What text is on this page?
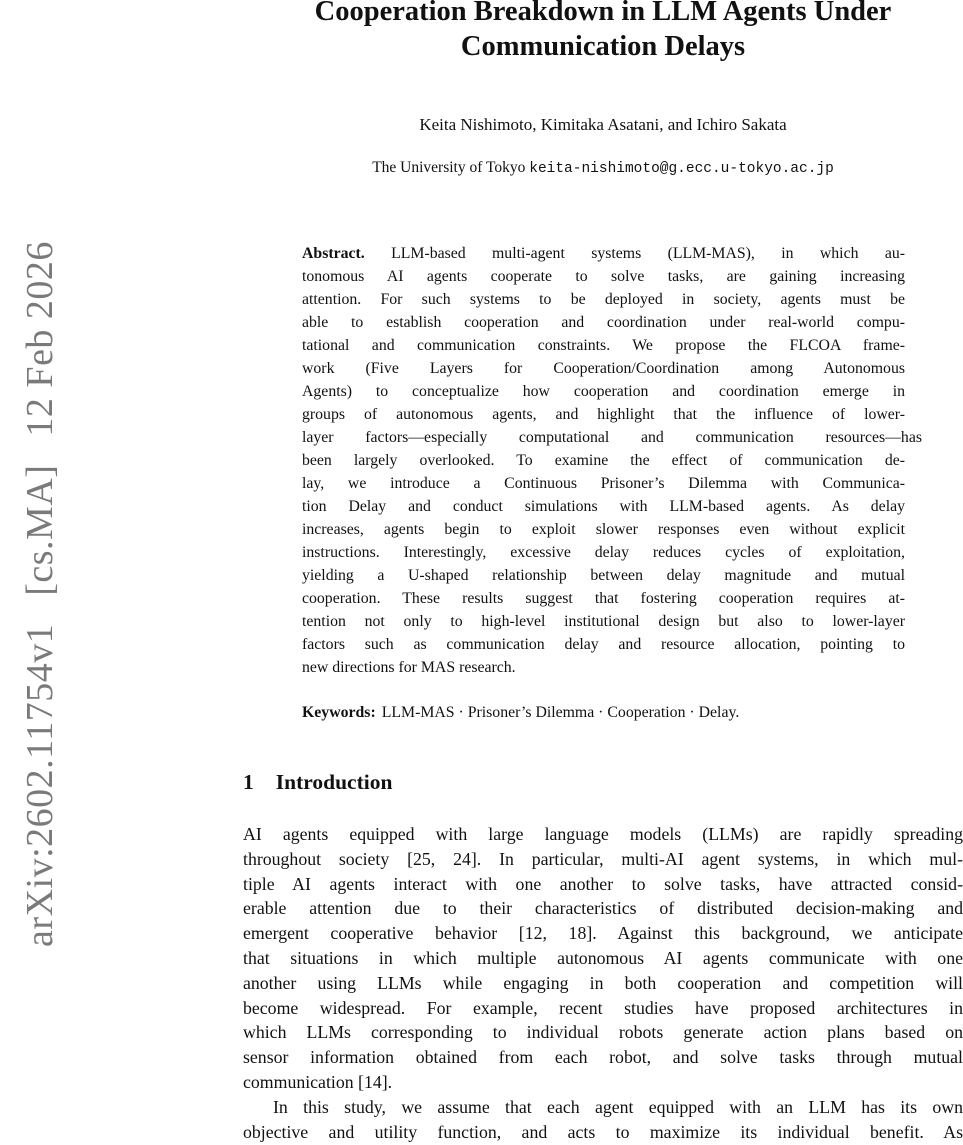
arXiv:2602.11754v1 [cs.MA] 12 Feb 2026
Cooperation Breakdown in LLM Agents Under
Communication Delays
Keita Nishimoto, Kimitaka Asatani, and Ichiro Sakata
The University of Tokyo keita-nishimoto@g.ecc.u-tokyo.ac.jp
Abstract. LLM-based multi-agent systems (LLM-MAS), in which au-
tonomous AI agents cooperate to solve tasks, are gaining increasing
attention. For such systems to be deployed in society, agents must be
able to establish cooperation and coordination under real-world compu-
tational and communication constraints. We propose the FLCOA frame-
work (Five Layers for Cooperation/Coordination among Autonomous
Agents) to conceptualize how cooperation and coordination emerge in
groups of autonomous agents, and highlight that the influence of lower-
layer factors—especially computational and communication resources—has
been largely overlooked. To examine the effect of communication de-
lay, we introduce a Continuous Prisoner’s Dilemma with Communica-
tion Delay and conduct simulations with LLM-based agents. As delay
increases, agents begin to exploit slower responses even without explicit
instructions. Interestingly, excessive delay reduces cycles of exploitation,
yielding a U-shaped relationship between delay magnitude and mutual
cooperation. These results suggest that fostering cooperation requires at-
tention not only to high-level institutional design but also to lower-layer
factors such as communication delay and resource allocation, pointing to
new directions for MAS research.
Keywords: LLM-MAS · Prisoner’s Dilemma · Cooperation · Delay.
1 Introduction
AI agents equipped with large language models (LLMs) are rapidly spreading
throughout society [25, 24]. In particular, multi-AI agent systems, in which mul-
tiple AI agents interact with one another to solve tasks, have attracted consid-
erable attention due to their characteristics of distributed decision-making and
emergent cooperative behavior [12, 18]. Against this background, we anticipate
that situations in which multiple autonomous AI agents communicate with one
another using LLMs while engaging in both cooperation and competition will
become widespread. For example, recent studies have proposed architectures in
which LLMs corresponding to individual robots generate action plans based on
sensor information obtained from each robot, and solve tasks through mutual
communication [14].
In this study, we assume that each agent equipped with an LLM has its own
objective and utility function, and acts to maximize its individual benefit. As
